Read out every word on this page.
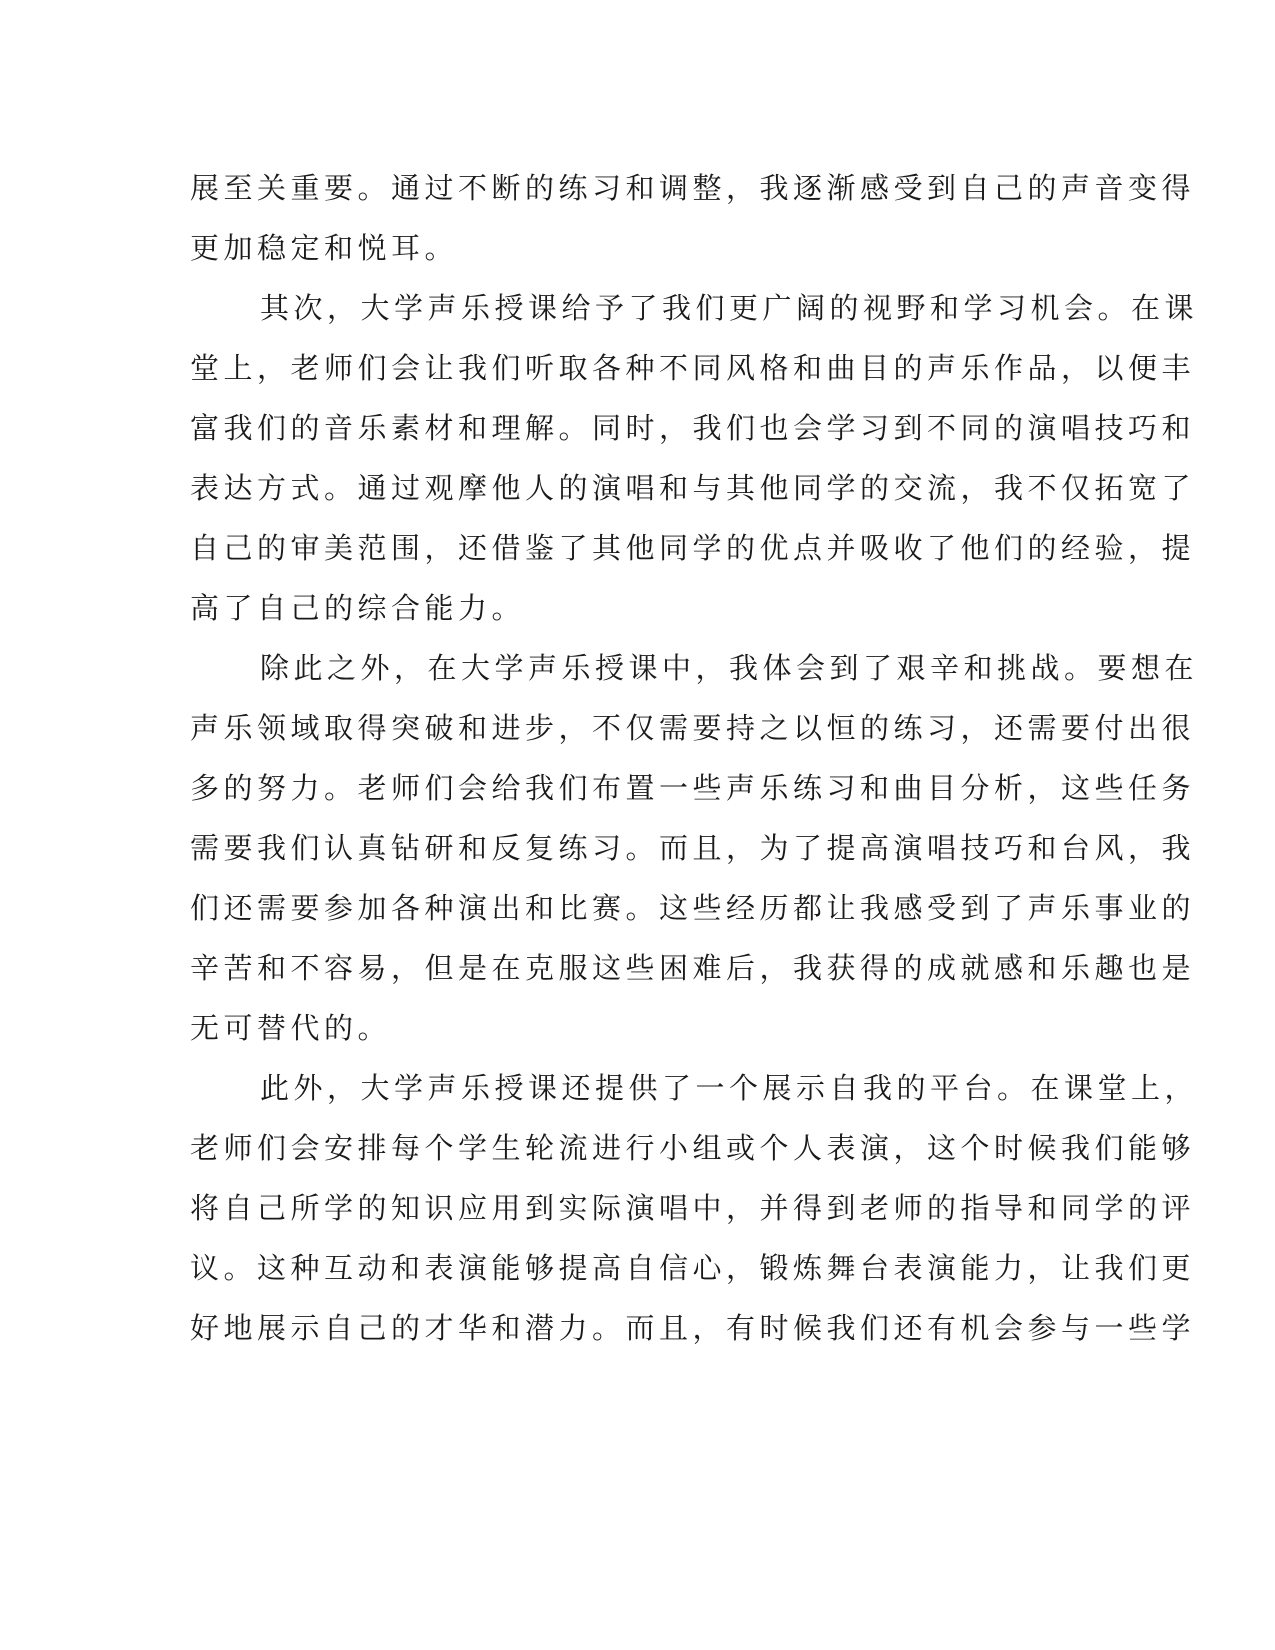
展至关重要。通过不断的练习和调整，我逐渐感受到自己的声音变得
更加稳定和悦耳。
其次，大学声乐授课给予了我们更广阔的视野和学习机会。在课
堂上，老师们会让我们听取各种不同风格和曲目的声乐作品，以便丰
富我们的音乐素材和理解。同时，我们也会学习到不同的演唱技巧和
表达方式。通过观摩他人的演唱和与其他同学的交流，我不仅拓宽了
自己的审美范围，还借鉴了其他同学的优点并吸收了他们的经验，提
高了自己的综合能力。
除此之外，在大学声乐授课中，我体会到了艰辛和挑战。要想在
声乐领域取得突破和进步，不仅需要持之以恒的练习，还需要付出很
多的努力。老师们会给我们布置一些声乐练习和曲目分析，这些任务
需要我们认真钻研和反复练习。而且，为了提高演唱技巧和台风，我
们还需要参加各种演出和比赛。这些经历都让我感受到了声乐事业的
辛苦和不容易，但是在克服这些困难后，我获得的成就感和乐趣也是
无可替代的。
此外，大学声乐授课还提供了一个展示自我的平台。在课堂上，
老师们会安排每个学生轮流进行小组或个人表演，这个时候我们能够
将自己所学的知识应用到实际演唱中，并得到老师的指导和同学的评
议。这种互动和表演能够提高自信心，锻炼舞台表演能力，让我们更
好地展示自己的才华和潜力。而且，有时候我们还有机会参与一些学
